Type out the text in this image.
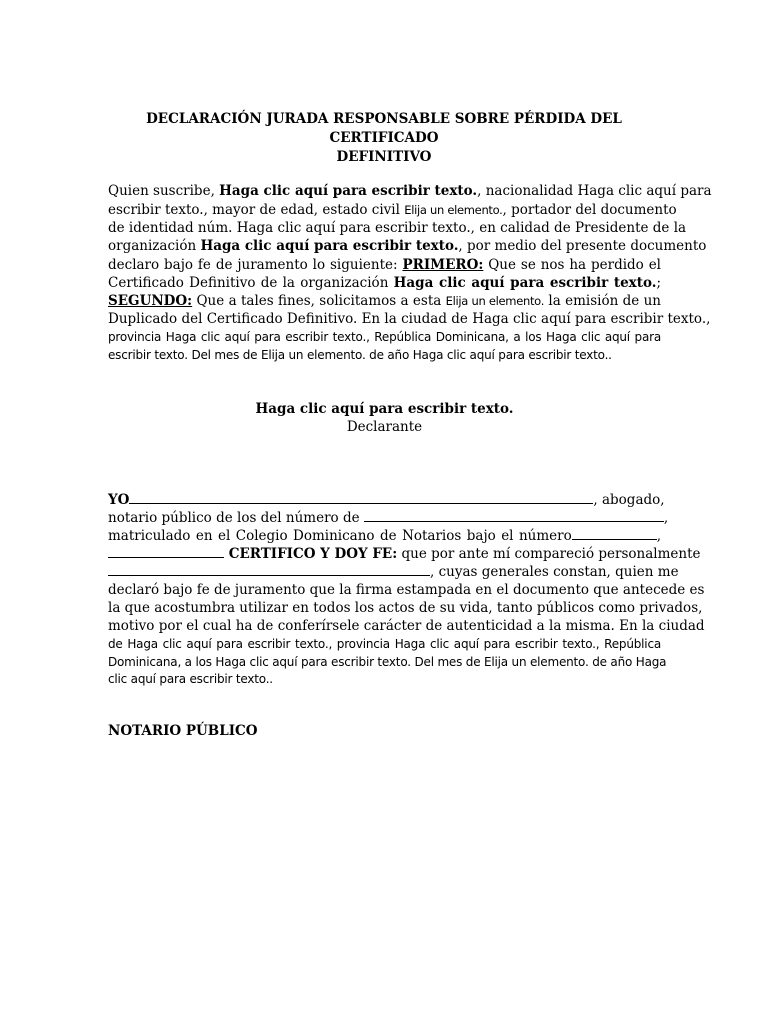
DECLARACIÓN JURADA RESPONSABLE SOBRE PÉRDIDA DEL CERTIFICADO
DEFINITIVO
Quien suscribe, Haga clic aquí para escribir texto., nacionalidad Haga clic aquí para
escribir texto., mayor de edad, estado civil Elija un elemento., portador del documento
de identidad núm. Haga clic aquí para escribir texto., en calidad de Presidente de la
organización Haga clic aquí para escribir texto., por medio del presente documento
declaro bajo fe de juramento lo siguiente: PRIMERO: Que se nos ha perdido el
Certificado Definitivo de la organización Haga clic aquí para escribir texto.;
SEGUNDO: Que a tales fines, solicitamos a esta Elija un elemento. la emisión de un
Duplicado del Certificado Definitivo. En la ciudad de Haga clic aquí para escribir texto.,
provincia Haga clic aquí para escribir texto., República Dominicana, a los Haga clic aquí para
escribir texto. Del mes de Elija un elemento. de año Haga clic aquí para escribir texto..
Haga clic aquí para escribir texto.
Declarante
YO	, abogado,
notario público de los del número de	,
matriculado en el Colegio Dominicano de Notarios bajo el número	,
CERTIFICO Y DOY FE: que por ante mí compareció personalmente
, cuyas generales constan, quien me
declaró bajo fe de juramento que la firma estampada en el documento que antecede es
la que acostumbra utilizar en todos los actos de su vida, tanto públicos como privados,
motivo por el cual ha de conferírsele carácter de autenticidad a la misma. En la ciudad
de Haga clic aquí para escribir texto., provincia Haga clic aquí para escribir texto., República
Dominicana, a los Haga clic aquí para escribir texto. Del mes de Elija un elemento. de año Haga
clic aquí para escribir texto..
NOTARIO PÚBLICO
